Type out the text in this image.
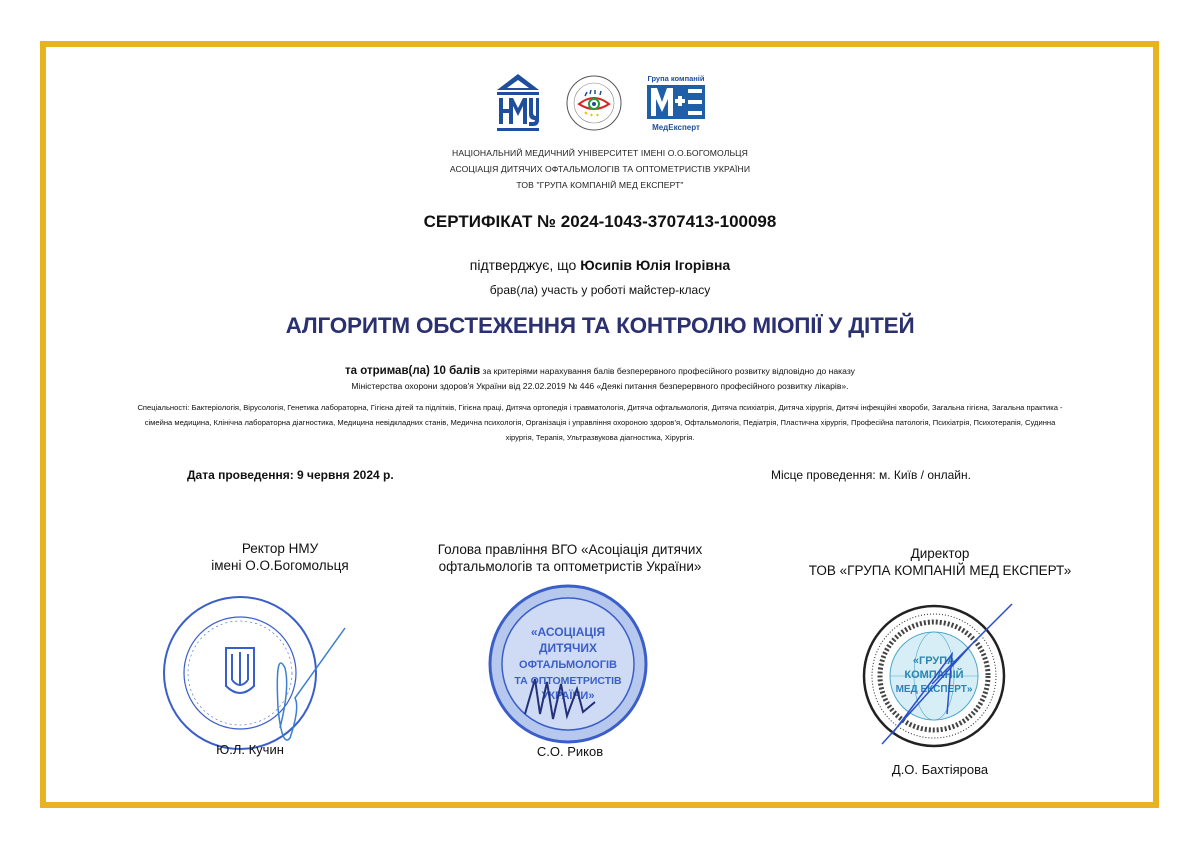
Група компаній
МедЕксперт
НАЦІОНАЛЬНИЙ МЕДИЧНИЙ УНІВЕРСИТЕТ ІМЕНІ О.О.БОГОМОЛЬЦЯ
АСОЦІАЦІЯ ДИТЯЧИХ ОФТАЛЬМОЛОГІВ ТА ОПТОМЕТРИСТІВ УКРАЇНИ
ТОВ "ГРУПА КОМПАНІЙ МЕД ЕКСПЕРТ"
СЕРТИФІКАТ № 2024-1043-3707413-100098
підтверджує, що Юсипів Юлія Ігорівна
брав(ла) участь у роботі майстер-класу
АЛГОРИТМ ОБСТЕЖЕННЯ ТА КОНТРОЛЮ МІОПІЇ У ДІТЕЙ
та отримав(ла) 10 балів за критеріями нарахування балів безперервного професійного розвитку відповідно до наказу
Міністерства охорони здоров'я України від 22.02.2019 № 446 «Деякі питання безперервного професійного розвитку лікарів».
Спеціальності: Бактеріологія, Вірусологія, Генетика лабораторна, Гігієна дітей та підлітків, Гігієна праці, Дитяча ортопедія і травматологія, Дитяча офтальмологія, Дитяча психіатрія, Дитяча хірургія, Дитячі інфекційні хвороби, Загальна гігієна, Загальна практика - сімейна медицина, Клінічна лабораторна діагностика, Медицина невідкладних станів, Медична психологія, Організація і управління охороною здоров’я, Офтальмологія, Педіатрія, Пластична хірургія, Професійна патологія, Психіатрія, Психотерапія, Судинна хірургія, Терапія, Ультразвукова діагностика, Хірургія.
Дата проведення: 9 червня 2024 р.	Місце проведення: м. Київ / онлайн.
Ректор НМУ
імені О.О.Богомольця
Ю.Л. Кучин
Голова правління ВГО «Асоціація дитячих
офтальмологів та оптометристів України»
«АСОЦІАЦІЯ
ДИТЯЧИХ
ОФТАЛЬМОЛОГІВ
ТА ОПТОМЕТРИСТІВ
УКРАЇНИ»
С.О. Риков
Директор
ТОВ «ГРУПА КОМПАНІЙ МЕД ЕКСПЕРТ»
«ГРУПА
КОМПАНІЙ
МЕД ЕКСПЕРТ»
Д.О. Бахтіярова
